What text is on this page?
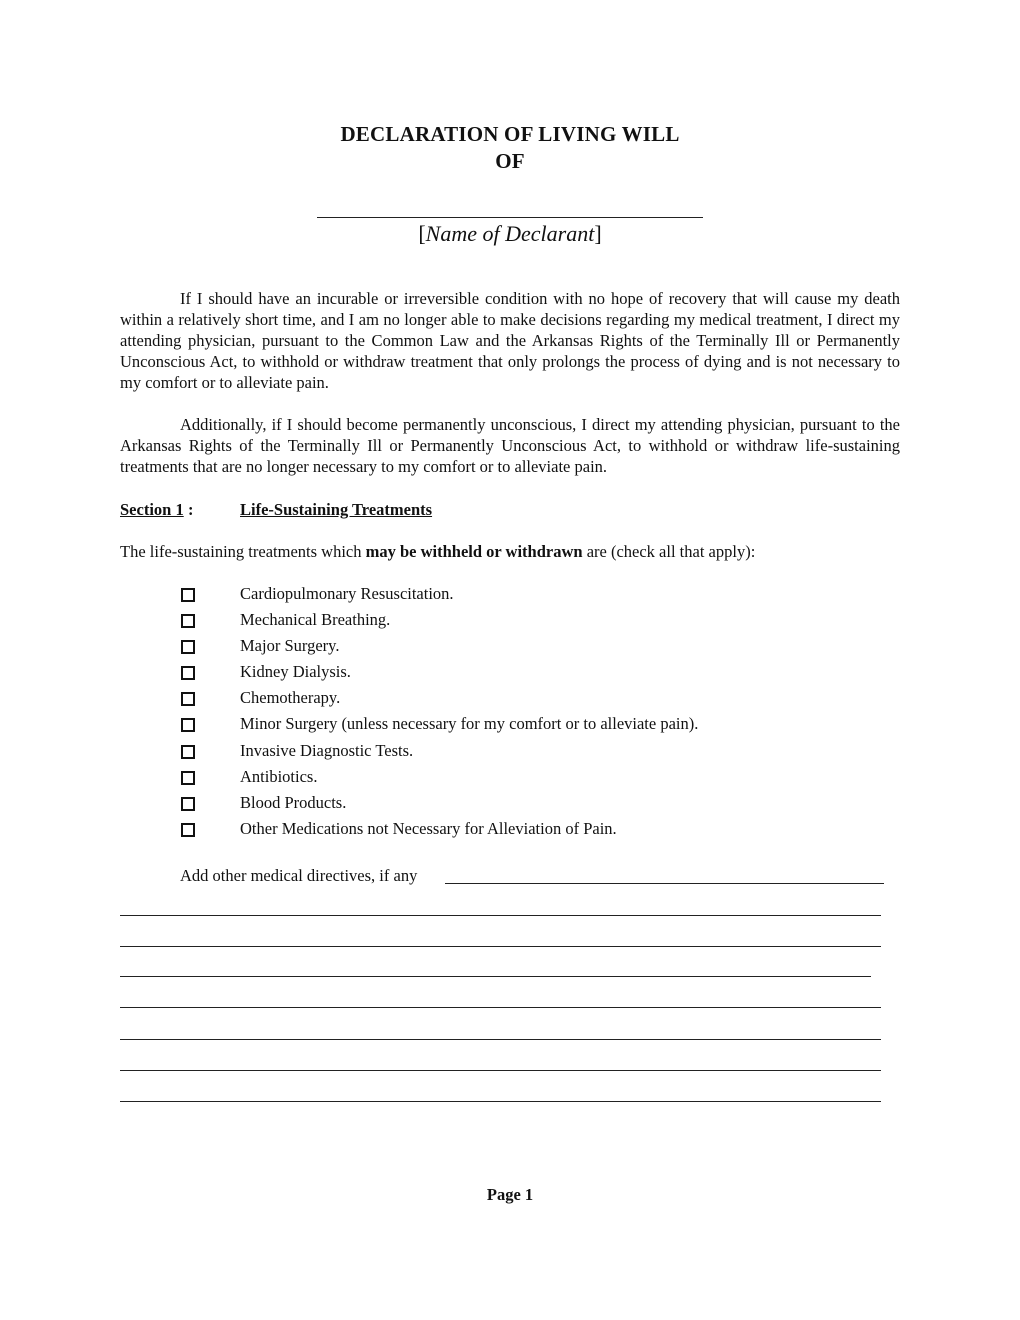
DECLARATION OF LIVING WILL
OF
[Name of Declarant]

If I should have an incurable or irreversible condition with no hope of recovery that will cause my death within a relatively short time, and I am no longer able to make decisions regarding my medical treatment, I direct my attending physician, pursuant to the Common Law and the Arkansas Rights of the Terminally Ill or Permanently Unconscious Act, to withhold or withdraw treatment that only prolongs the process of dying and is not necessary to my comfort or to alleviate pain.

Additionally, if I should become permanently unconscious, I direct my attending physician, pursuant to the Arkansas Rights of the Terminally Ill or Permanently Unconscious Act, to withhold or withdraw life-sustaining treatments that are no longer necessary to my comfort or to alleviate pain.

Section 1 :	Life-Sustaining Treatments
The life-sustaining treatments which may be withheld or withdrawn are (check all that apply):
Cardiopulmonary Resuscitation.
Mechanical Breathing.
Major Surgery.
Kidney Dialysis.
Chemotherapy.
Minor Surgery (unless necessary for my comfort or to alleviate pain).
Invasive Diagnostic Tests.
Antibiotics.
Blood Products.
Other Medications not Necessary for Alleviation of Pain.
Add other medical directives, if any
Page 1
